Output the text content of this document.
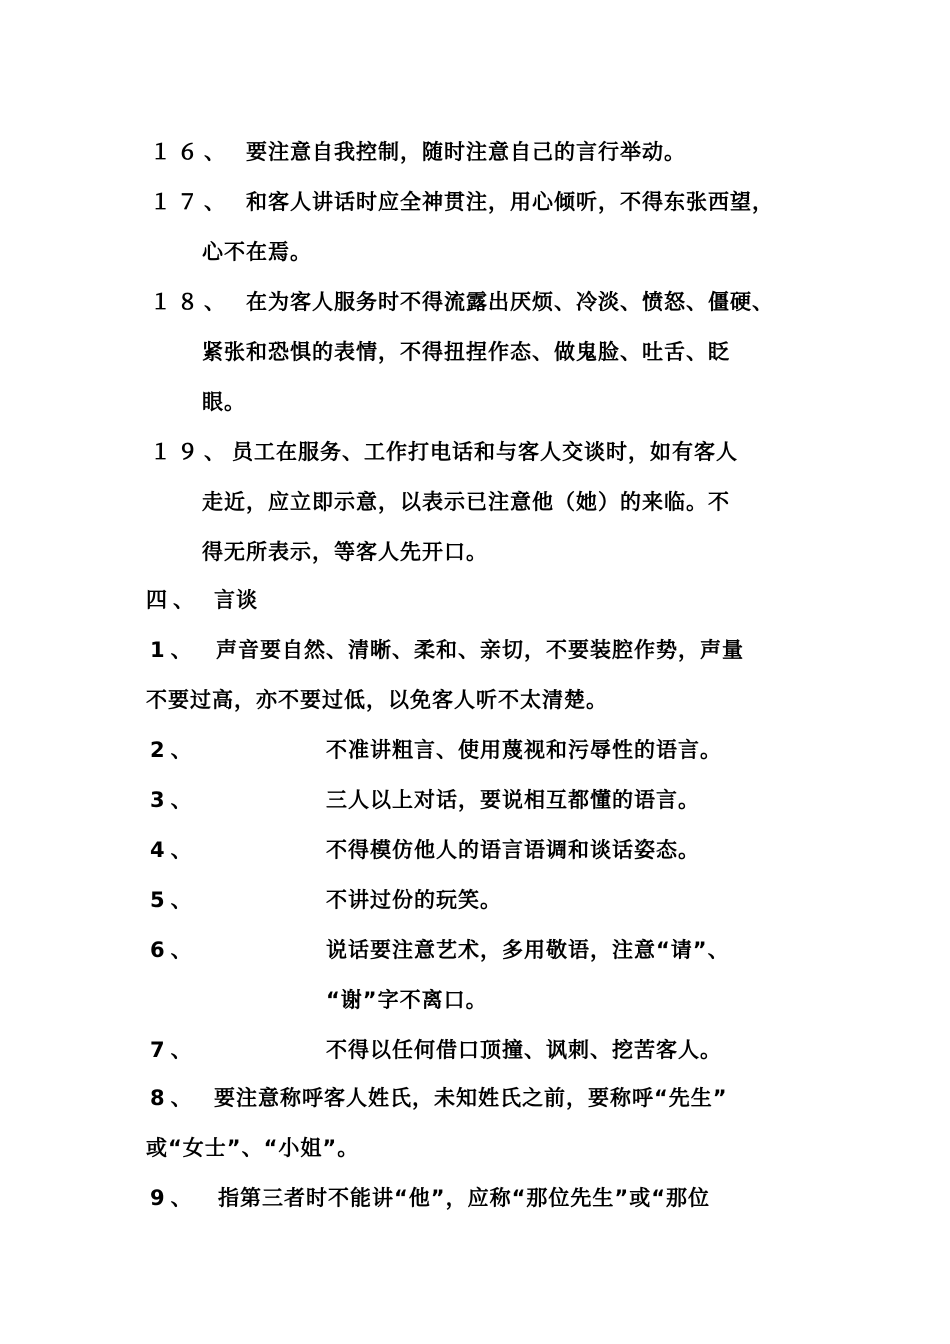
１６、 要注意自我控制，随时注意自己的言行举动。
１７、 和客人讲话时应全神贯注，用心倾听，不得东张西望，
心不在焉。
１８、 在为客人服务时不得流露出厌烦、冷淡、愤怒、僵硬、
紧张和恐惧的表情，不得扭捏作态、做鬼脸、吐舌、眨
眼。
１９、 员工在服务、工作打电话和与客人交谈时，如有客人
走近，应立即示意，以表示已注意他（她）的来临。不
得无所表示，等客人先开口。
四、 言谈
1、 声音要自然、清晰、柔和、亲切，不要装腔作势，声量
不要过高，亦不要过低，以免客人听不太清楚。
2、	不准讲粗言、使用蔑视和污辱性的语言。
3、	三人以上对话，要说相互都懂的语言。
4、	不得模仿他人的语言语调和谈话姿态。
5、	不讲过份的玩笑。
6、	说话要注意艺术，多用敬语，注意“请”、
“谢”字不离口。
7、	不得以任何借口顶撞、讽刺、挖苦客人。
8、 要注意称呼客人姓氏，未知姓氏之前，要称呼“先生”
或“女士”、“小姐”。
9、 指第三者时不能讲“他”，应称“那位先生”或“那位
